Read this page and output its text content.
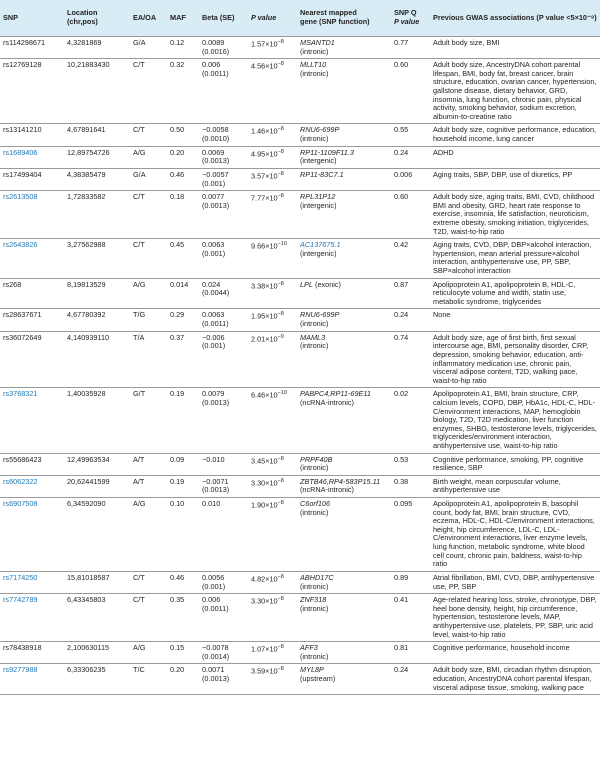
SNP	Location
(chr,pos)	EA/OA	MAF	Beta (SE)	P value	Nearest mapped
gene (SNP function)	SNP Q
P value	Previous GWAS associations (P value <5×10⁻⁸)
rs114298671	4,3281869	G/A	0.12	0.0089
(0.0016)	$1.57\times 10^{-8}$	MSANTD1
(intronic)	0.77	Adult body size, BMI
rs12769128	10,21883430	C/T	0.32	0.006
(0.0011)	$4.56\times 10^{-8}$	MLLT10
(intronic)	0.60	Adult body size, AncestryDNA cohort parental lifespan, BMI, body fat, breast cancer, brain structure, education, ovarian cancer, hypertension, gallstone disease, dietary behavior, GRD, insomnia, lung function, chronic pain, physical activity, smoking behavior, sodium excretion, albumin-to-creatine ratio
rs13141210	4,67891641	C/T	0.50	−0.0058
(0.0010)	$1.46\times 10^{-8}$	RNU6-699P
(intronic)	0.55	Adult body size, cognitive performance, education, household income, lung cancer
rs1689406	12,89754726	A/G	0.20	0.0069
(0.0013)	$4.95\times 10^{-8}$	RP11-1109F11.3
(intergenic)	0.24	ADHD
rs17499404	4,38385479	G/A	0.46	−0.0057
(0.001)	$3.57\times 10^{-8}$	RP11-83C7.1	0.006	Aging traits, SBP, DBP, use of diuretics, PP
rs2613508	1,72833582	C/T	0.18	0.0077
(0.0013)	$7.77\times 10^{-8}$	RPL31P12
(intergenic)	0.60	Adult body size, aging traits, BMI, CVD, childhood BMI and obesity, GRD, heart rate response to exercise, insomnia, life satisfaction, neuroticism, extreme obesity, smoking initiation, triglycerides, T2D, waist-to-hip ratio
rs2643826	3,27562988	C/T	0.45	0.0063
(0.001)	$9.66\times 10^{-10}$	AC137675.1
(intergenic)	0.42	Aging traits, CVD, DBP, DBP×alcohol interaction, hypertension, mean arterial pressure×alcohol interaction, antihypertensive use, PP, SBP, SBP×alcohol interaction
rs268	8,19813529	A/G	0.014	0.024
(0.0044)	$3.38\times 10^{-8}$	LPL (exonic)	0.87	Apolipoprotein A1, apolipoprotein B, HDL-C, reticulocyte volume and width, statin use, metabolic syndrome, triglycerides
rs28637671	4,67780392	T/G	0.29	0.0063
(0.0011)	$1.95\times 10^{-8}$	RNU6-699P
(intronic)	0.24	None
rs36072649	4,140939110	T/A	0.37	−0.006
(0.001)	$2.01\times 10^{-9}$	MAML3
(intronic)	0.74	Adult body size, age of first birth, first sexual intercourse age, BMI, personality disorder, CRP, depression, smoking behavior, education, anti-inflammatory medication use, chronic pain, visceral adipose content, T2D, walking pace, waist-to-hip ratio
rs3768321	1,40035928	G/T	0.19	0.0079
(0.0013)	$6.46\times 10^{-10}$	PABPC4,RP11-69E11
(ncRNA-intronic)	0.02	Apolipoprotein A1, BMI, brain structure, CRP, calcium levels, COPD, DBP, HbA1c, HDL-C, HDL-C/environment interactions, MAP, hemoglobin biology, T2D, T2D medication, liver function enzymes, SHBG, testosterone levels, triglycerides, triglycerides/environment interaction, antihypertensive use, waist-to-hip ratio
rs55686423	12,49963534	A/T	0.09	−0.010	$3.45\times 10^{-8}$	PRPF40B
(intronic)	0.53	Cognitive performance, smoking, PP, cognitive resilience, SBP
rs6062322	20,62441599	A/T	0.19	−0.0071
(0.0013)	$3.30\times 10^{-8}$	ZBTB46,RP4-583P15.11
(ncRNA-intronic)	0.38	Birth weight, mean corpuscular volume, antihypertensive use
rs6907508	6,34592090	A/G	0.10	0.010	$1.90\times 10^{-8}$	C6orf106
(intronic)	0.095	Apolipoprotein A1, apolipoprotein B, basophil count, body fat, BMI, brain structure, CVD, eczema, HDL-C, HDL-C/environment interactions, height, hip circumference, LDL-C, LDL-C/environment interactions, liver enzyme levels, lung function, metabolic syndrome, white blood cell count, chronic pain, baldness, waist-to-hip ratio
rs7174250	15,81018587	C/T	0.46	0.0056
(0.001)	$4.82\times 10^{-8}$	ABHD17C
(intronic)	0.89	Atrial fibrillation, BMI, CVD, DBP, antihypertensive use, PP, SBP
rs7742789	6,43345803	C/T	0.35	0.006
(0.0011)	$3.30\times 10^{-8}$	ZNF318
(intronic)	0.41	Age-related hearing loss, stroke, chronotype, DBP, heel bone density, height, hip circumference, hypertension, testosterone levels, MAP, antihypertensive use, platelets, PP, SBP, uric acid level, waist-to-hip ratio
rs78438918	2,100630115	A/G	0.15	−0.0078
(0.0014)	$1.07\times 10^{-8}$	AFF3
(intronic)	0.81	Cognitive performance, household income
rs9277988	6,33306235	T/C	0.20	0.0071
(0.0013)	$3.59\times 10^{-8}$	MYL8P
(upstream)	0.24	Adult body size, BMI, circadian rhythm disruption, education, AncestryDNA cohort parental lifespan, visceral adipose tissue, smoking, walking pace
